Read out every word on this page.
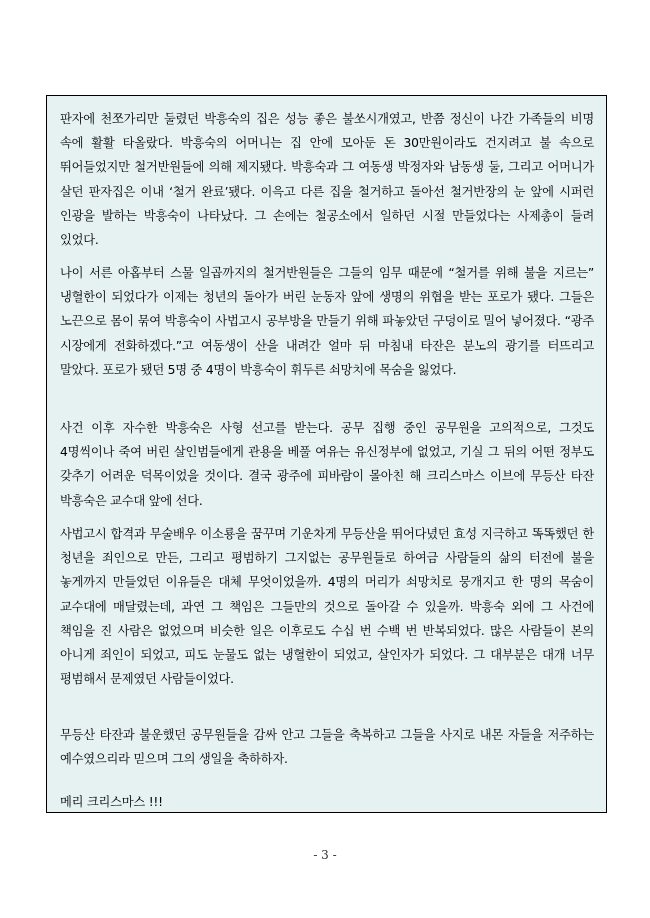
판자에 천쪼가리만 둘렸던 박흥숙의 집은 성능 좋은 불쏘시개였고, 반쯤 정신이 나간 가족들의 비명 속에 활활 타올랐다. 박흥숙의 어머니는 집 안에 모아둔 돈 30만원이라도 건지려고 불 속으로 뛰어들었지만 철거반원들에 의해 제지됐다. 박흥숙과 그 여동생 박정자와 남동생 둘, 그리고 어머니가 살던 판자집은 이내 ‘철거 완료’됐다. 이윽고 다른 집을 철거하고 돌아선 철거반장의 눈 앞에 시퍼런 인광을 발하는 박흥숙이 나타났다. 그 손에는 철공소에서 일하던 시절 만들었다는 사제총이 들려 있었다.

나이 서른 아홉부터 스물 일곱까지의 철거반원들은 그들의 임무 때문에 “철거를 위해 불을 지르는” 냉혈한이 되었다가 이제는 청년의 돌아가 버린 눈동자 앞에 생명의 위협을 받는 포로가 됐다. 그들은 노끈으로 몸이 묶여 박흥숙이 사법고시 공부방을 만들기 위해 파놓았던 구덩이로 밀어 넣어졌다. “광주 시장에게 전화하겠다.”고 여동생이 산을 내려간 얼마 뒤 마침내 타잔은 분노의 광기를 터뜨리고 말았다. 포로가 됐던 5명 중 4명이 박흥숙이 휘두른 쇠망치에 목숨을 잃었다.

사건 이후 자수한 박흥숙은 사형 선고를 받는다. 공무 집행 중인 공무원을 고의적으로, 그것도 4명씩이나 죽여 버린 살인범들에게 관용을 베풀 여유는 유신정부에 없었고, 기실 그 뒤의 어떤 정부도 갖추기 어려운 덕목이었을 것이다. 결국 광주에 피바람이 몰아친 해 크리스마스 이브에 무등산 타잔 박흥숙은 교수대 앞에 선다.

사법고시 합격과 무술배우 이소룡을 꿈꾸며 기운차게 무등산을 뛰어다녔던 효성 지극하고 똑똑했던 한 청년을 죄인으로 만든, 그리고 평범하기 그지없는 공무원들로 하여금 사람들의 삶의 터전에 불을 놓게까지 만들었던 이유들은 대체 무엇이었을까. 4명의 머리가 쇠망치로 뭉개지고 한 명의 목숨이 교수대에 매달렸는데, 과연 그 책임은 그들만의 것으로 돌아갈 수 있을까. 박흥숙 외에 그 사건에 책임을 진 사람은 없었으며 비슷한 일은 이후로도 수십 번 수백 번 반복되었다. 많은 사람들이 본의 아니게 죄인이 되었고, 피도 눈물도 없는 냉혈한이 되었고, 살인자가 되었다. 그 대부분은 대개 너무 평범해서 문제였던 사람들이었다.

무등산 타잔과 불운했던 공무원들을 감싸 안고 그들을 축복하고 그들을 사지로 내몬 자들을 저주하는 예수였으리라 믿으며 그의 생일을 축하하자.

메리 크리스마스 !!!

- 3 -
